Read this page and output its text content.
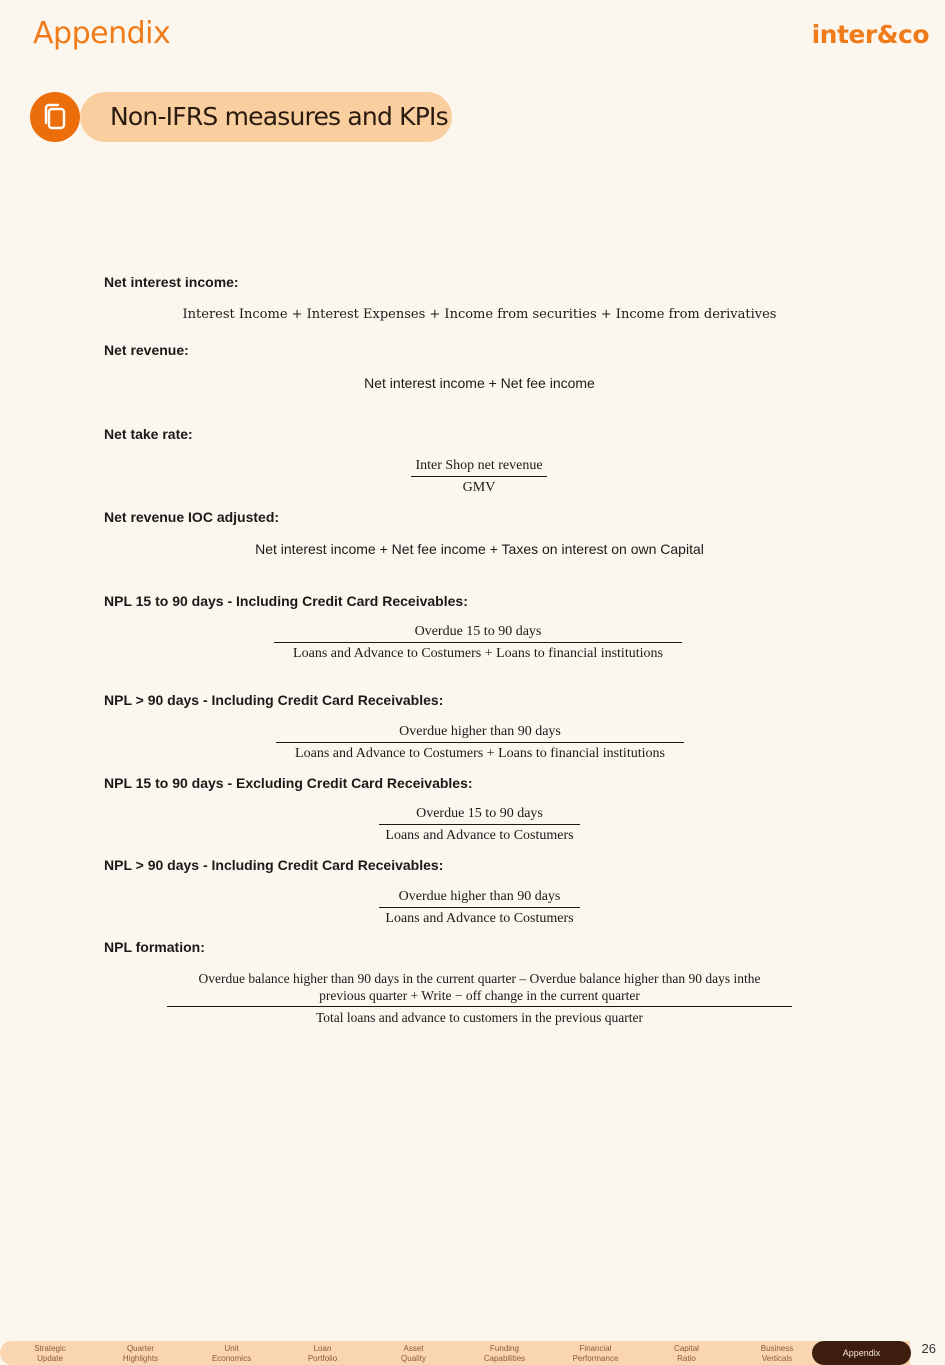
Appendix	inter&co
Non-IFRS measures and KPIs
Net interest income:
Interest Income + Interest Expenses + Income from securities + Income from derivatives
Net revenue:
Net interest income + Net fee income
Net take rate:
Inter Shop net revenue
GMV
Net revenue IOC adjusted:
Net interest income + Net fee income + Taxes on interest on own Capital
NPL 15 to 90 days - Including Credit Card Receivables:
Overdue 15 to 90 days
Loans and Advance to Costumers + Loans to financial institutions
NPL > 90 days - Including Credit Card Receivables:
Overdue higher than 90 days
Loans and Advance to Costumers + Loans to financial institutions
NPL 15 to 90 days - Excluding Credit Card Receivables:
Overdue 15 to 90 days
Loans and Advance to Costumers
NPL > 90 days - Including Credit Card Receivables:
Overdue higher than 90 days
Loans and Advance to Costumers
NPL formation:
Overdue balance higher than 90 days in the current quarter – Overdue balance higher than 90 days inthe
previous quarter + Write − off change in the current quarter
Total loans and advance to customers in the previous quarter
Strategic
Update
Quarter
Highlights
Unit
Economics
Loan
Portfolio
Asset
Quality
Funding
Capabilities
Financial
Performance
Capital
Ratio
Business
Verticals
Appendix	26
